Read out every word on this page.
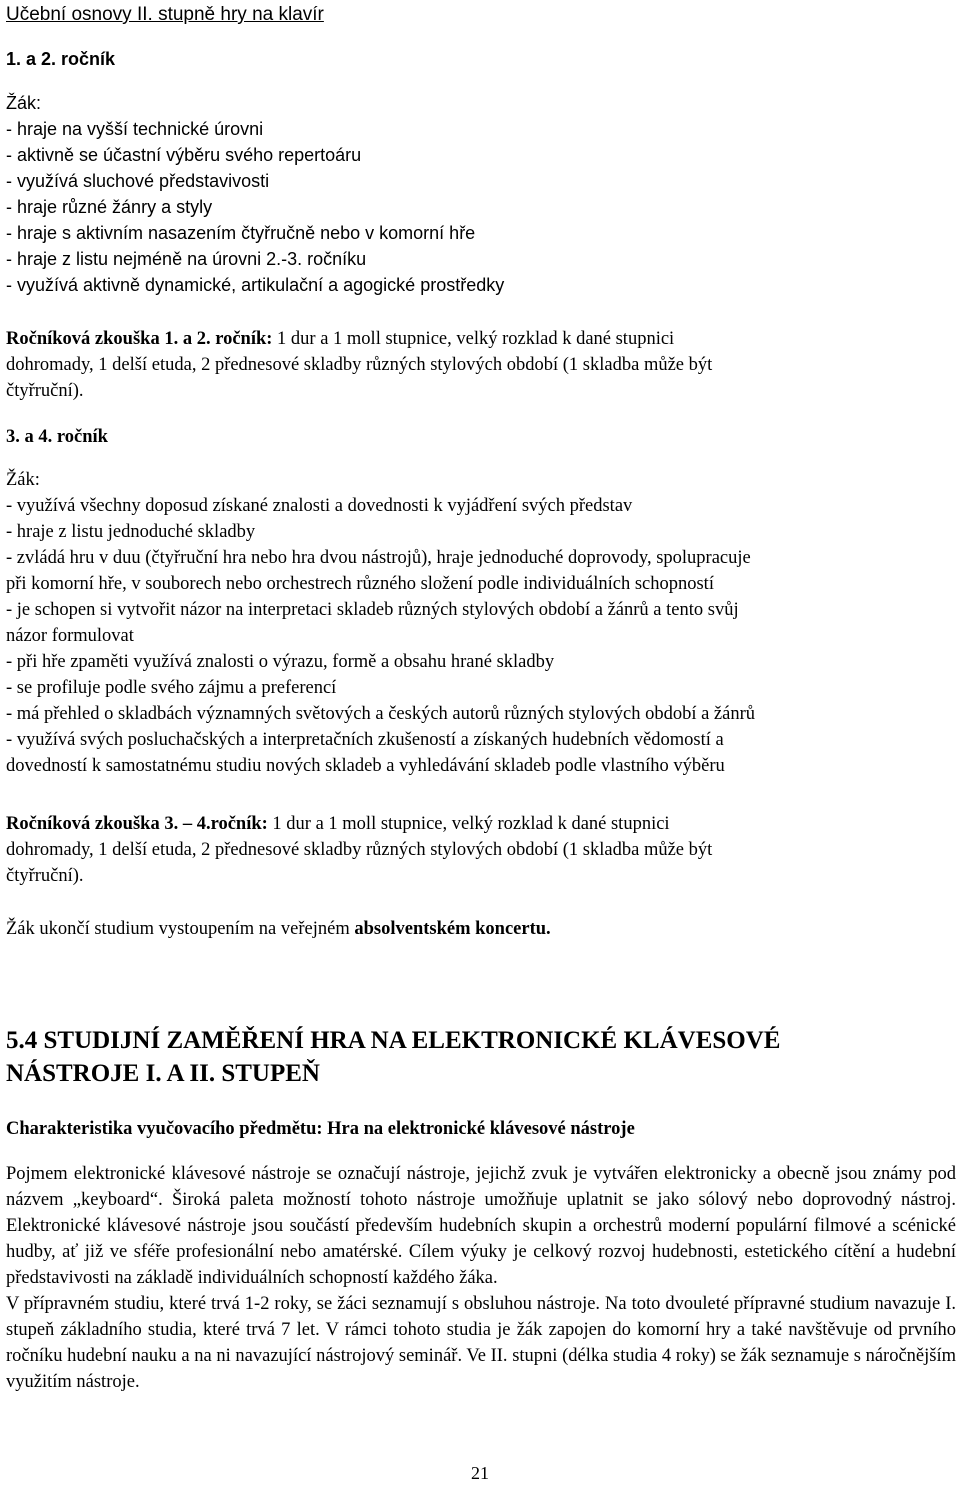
Učební osnovy II. stupně hry na klavír
1. a 2. ročník
Žák:
- hraje na vyšší technické úrovni
- aktivně se účastní výběru svého repertoáru
- využívá sluchové představivosti
- hraje různé žánry a styly
- hraje s aktivním nasazením čtyřručně nebo v komorní hře
- hraje z listu nejméně na úrovni 2.-3. ročníku
- využívá aktivně dynamické, artikulační a agogické prostředky
Ročníková zkouška 1. a 2. ročník: 1 dur a 1 moll stupnice, velký rozklad k dané stupnici
dohromady, 1 delší etuda, 2 přednesové skladby různých stylových období (1 skladba může být
čtyřruční).
3. a 4. ročník
Žák:
- využívá všechny doposud získané znalosti a dovednosti k vyjádření svých představ
- hraje z listu jednoduché skladby
- zvládá hru v duu (čtyřruční hra nebo hra dvou nástrojů), hraje jednoduché doprovody, spolupracuje
při komorní hře, v souborech nebo orchestrech různého složení podle individuálních schopností
- je schopen si vytvořit názor na interpretaci skladeb různých stylových období a žánrů a tento svůj
názor formulovat
- při hře zpaměti využívá znalosti o výrazu, formě a obsahu hrané skladby
- se profiluje podle svého zájmu a preferencí
- má přehled o skladbách významných světových a českých autorů různých stylových období a žánrů
- využívá svých posluchačských a interpretačních zkušeností a získaných hudebních vědomostí a
dovedností k samostatnému studiu nových skladeb a vyhledávání skladeb podle vlastního výběru
Ročníková zkouška 3. – 4.ročník: 1 dur a 1 moll stupnice, velký rozklad k dané stupnici
dohromady, 1 delší etuda, 2 přednesové skladby různých stylových období (1 skladba může být
čtyřruční).
Žák ukončí studium vystoupením na veřejném absolventském koncertu.
5.4 STUDIJNÍ ZAMĚŘENÍ HRA NA ELEKTRONICKÉ KLÁVESOVÉ
NÁSTROJE I. A II. STUPEŇ
Charakteristika vyučovacího předmětu: Hra na elektronické klávesové nástroje

Pojmem elektronické klávesové nástroje se označují nástroje, jejichž zvuk je vytvářen elektronicky a obecně jsou známy pod názvem „keyboard“. Široká paleta možností tohoto nástroje umožňuje uplatnit se jako sólový nebo doprovodný nástroj. Elektronické klávesové nástroje jsou součástí především hudebních skupin a orchestrů moderní populární filmové a scénické hudby, ať již ve sféře profesionální nebo amatérské. Cílem výuky je celkový rozvoj hudebnosti, estetického cítění a hudební představivosti na základě individuálních schopností každého žáka.

V přípravném studiu, které trvá 1-2 roky, se žáci seznamují s obsluhou nástroje. Na toto dvouleté přípravné studium navazuje I. stupeň základního studia, které trvá 7 let. V rámci tohoto studia je žák zapojen do komorní hry a také navštěvuje od prvního ročníku hudební nauku a na ni navazující nástrojový seminář. Ve II. stupni (délka studia 4 roky) se žák seznamuje s náročnějším využitím nástroje.

21
